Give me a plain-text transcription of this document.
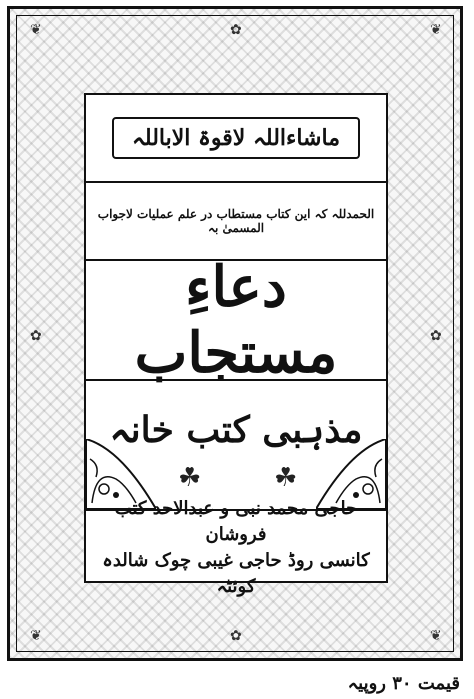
❦	❦
❦	❦
✿
✿
✿	✿
ماشاءاللہ لاقوۃ الاباللہ
الحمدللہ کہ این کتاب مستطاب در علم عملیات لاجواب المسمیٰ بہ
دعاءِ مستجاب
مذہبی کتب خانہ
☘	☘
حاجی محمد نبی و عبدالاحد کتب فروشان
کانسی روڈ حاجی غیبی چوک شالدہ کوئٹہ
قیمت ۳۰ روپیہ
